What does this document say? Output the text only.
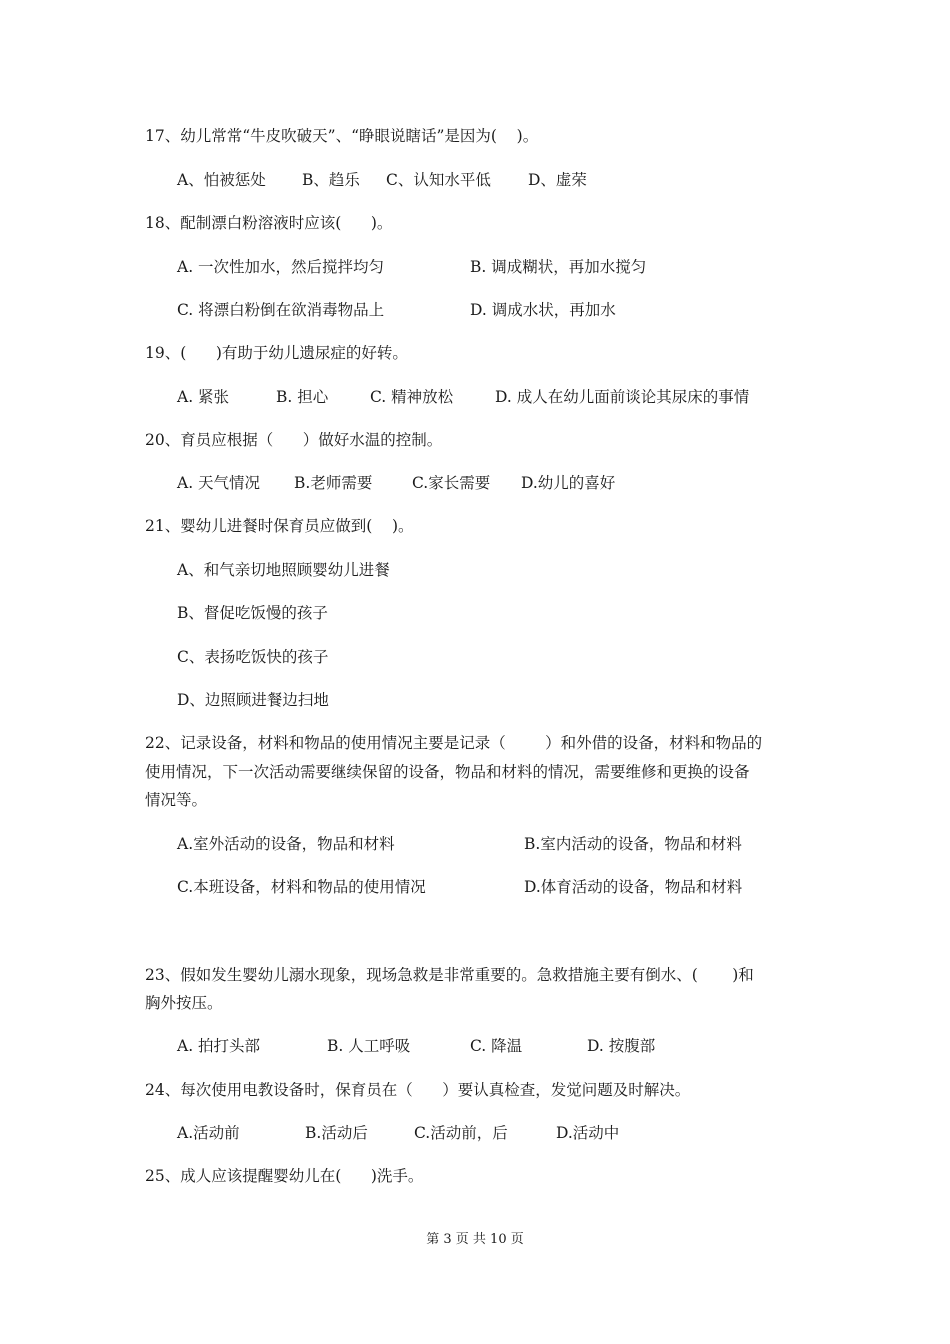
17、幼儿常常“牛皮吹破天”、“睁眼说瞎话”是因为(    )。
A、怕被惩处 B、趋乐 C、认知水平低 D、虚荣
18、配制漂白粉溶液时应该(      )。
A. 一次性加水，然后搅拌均匀	B. 调成糊状，再加水搅匀
C. 将漂白粉倒在欲消毒物品上	D. 调成水状，再加水
19、(      )有助于幼儿遗尿症的好转。
A. 紧张	B. 担心	C. 精神放松	D. 成人在幼儿面前谈论其尿床的事情
20、育员应根据（      ）做好水温的控制。
A. 天气情况 B.老师需要	C.家长需要 D.幼儿的喜好
21、婴幼儿进餐时保育员应做到(    )。
A、和气亲切地照顾婴幼儿进餐
B、督促吃饭慢的孩子
C、表扬吃饭快的孩子
D、边照顾进餐边扫地
22、记录设备，材料和物品的使用情况主要是记录（        ）和外借的设备，材料和物品的
使用情况，下一次活动需要继续保留的设备，物品和材料的情况，需要维修和更换的设备
情况等。
A.室外活动的设备，物品和材料	B.室内活动的设备，物品和材料
C.本班设备，材料和物品的使用情况	D.体育活动的设备，物品和材料
23、假如发生婴幼儿溺水现象，现场急救是非常重要的。急救措施主要有倒水、(       )和
胸外按压。
A. 拍打头部	B. 人工呼吸	C. 降温	D. 按腹部
24、每次使用电教设备时，保育员在（      ）要认真检查，发觉问题及时解决。
A.活动前	B.活动后	C.活动前，后	D.活动中
25、成人应该提醒婴幼儿在(      )洗手。
第 3 页 共 10 页
